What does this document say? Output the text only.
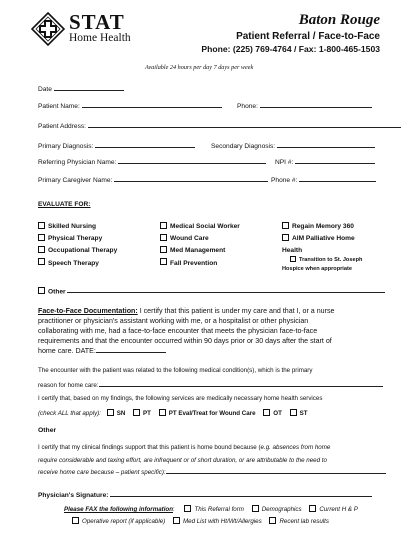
STAT
Home Health
Baton Rouge
Patient Referral / Face-to-Face
Phone: (225) 769-4764 / Fax: 1-800-465-1503
Available 24 hours per day 7 days per week
Date
Patient Name:	Phone:
Patient Address:
Primary Diagnosis:	Secondary Diagnosis:
Referring Physician Name:	NPI #:
Primary Caregiver Name:	Phone #:
EVALUATE FOR:
Skilled Nursing
Physical Therapy
Occupational Therapy
Speech Therapy
Medical Social Worker
Wound Care
Med Management
Fall Prevention
Regain Memory 360
AIM Palliative Home
Health
Transition to St. Joseph
Hospice when appropriate
Other
Face-to-Face Documentation: I certify that this patient is under my care and that I, or a nurse
practitioner or physician's assistant working with me, or a hospitalist or other physician
collaborating with me, had a face-to-face encounter that meets the physician face-to-face
requirements and that the encounter occurred within 90 days prior or 30 days after the start of
home care. DATE:
The encounter with the patient was related to the following medical condition(s), which is the primary
reason for home care:
I certify that, based on my findings, the following services are medically necessary home health services
(check ALL that apply):	SN	PT	PT Eval/Treat for Wound Care	OT	ST
Other
I certify that my clinical findings support that this patient is home bound because (e.g. absences from home
require considerable and taxing effort, are infrequent or of short duration, or are attributable to the need to
receive home care because – patient specific):
Physician's Signature:
Please FAX the following information:	This Referral form	Demographics	Current H & P
Operative report (if applicable)	Med List with Ht/Wt/Allergies	Recent lab results
